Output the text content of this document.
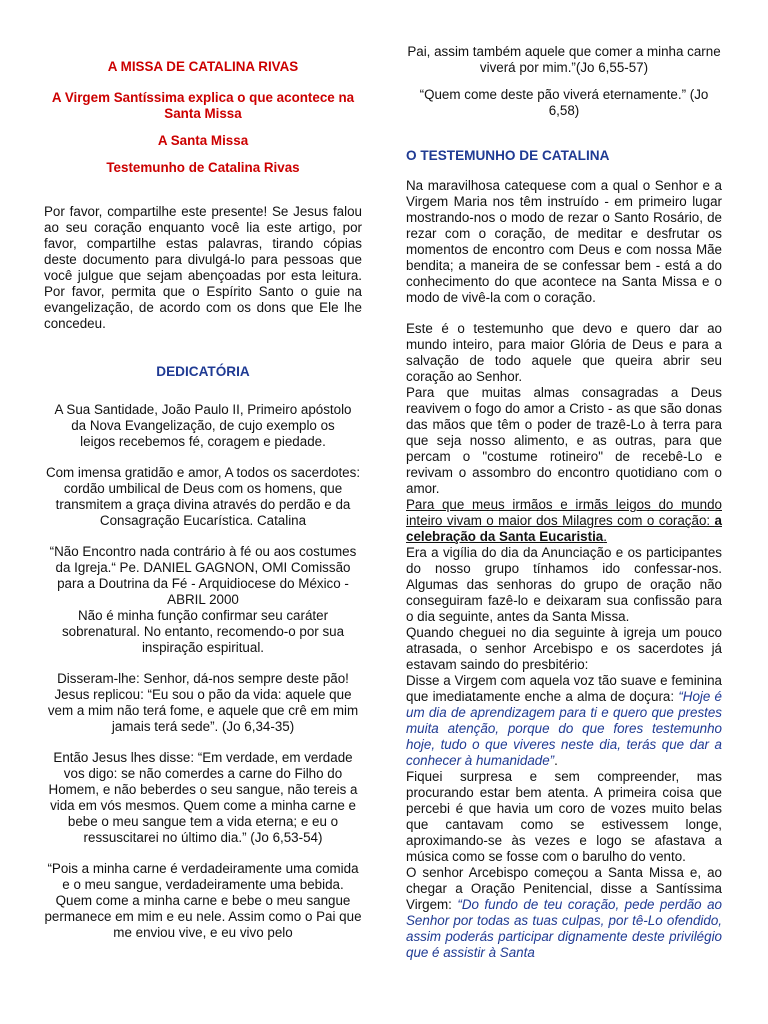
A MISSA DE CATALINA RIVAS

A Virgem Santíssima explica o que acontece na Santa Missa

A Santa Missa

Testemunho de Catalina Rivas

Por favor, compartilhe este presente! Se Jesus falou ao seu coração enquanto você lia este artigo, por favor, compartilhe estas palavras, tirando cópias deste documento para divulgá-lo para pessoas que você julgue que sejam abençoadas por esta leitura. Por favor, permita que o Espírito Santo o guie na evangelização, de acordo com os dons que Ele lhe concedeu.

DEDICATÓRIA

A Sua Santidade, João Paulo II, Primeiro apóstolo da Nova Evangelização, de cujo exemplo os leigos recebemos fé, coragem e piedade.

Com imensa gratidão e amor, A todos os sacerdotes: cordão umbilical de Deus com os homens, que transmitem a graça divina através do perdão e da Consagração Eucarística. Catalina

“Não Encontro nada contrário à fé ou aos costumes da Igreja.“ Pe. DANIEL GAGNON, OMI Comissão para a Doutrina da Fé - Arquidiocese do México - ABRIL 2000

Não é minha função confirmar seu caráter sobrenatural. No entanto, recomendo-o por sua inspiração espiritual.

Disseram-lhe: Senhor, dá-nos sempre deste pão! Jesus replicou: “Eu sou o pão da vida: aquele que vem a mim não terá fome, e aquele que crê em mim jamais terá sede”. (Jo 6,34-35)

Então Jesus lhes disse: “Em verdade, em verdade vos digo: se não comerdes a carne do Filho do Homem, e não beberdes o seu sangue, não tereis a vida em vós mesmos. Quem come a minha carne e bebe o meu sangue tem a vida eterna; e eu o ressuscitarei no último dia.” (Jo 6,53-54)

“Pois a minha carne é verdadeiramente uma comida e o meu sangue, verdadeiramente uma bebida. Quem come a minha carne e bebe o meu sangue permanece em mim e eu nele. Assim como o Pai que me enviou vive, e eu vivo pelo

Pai, assim também aquele que comer a minha carne viverá por mim.”(Jo 6,55-57)

“Quem come deste pão viverá eternamente.” (Jo 6,58)

O TESTEMUNHO DE CATALINA

Na maravilhosa catequese com a qual o Senhor e a Virgem Maria nos têm instruído - em primeiro lugar mostrando-nos o modo de rezar o Santo Rosário, de rezar com o coração, de meditar e desfrutar os momentos de encontro com Deus e com nossa Mãe bendita; a maneira de se confessar bem - está a do conhecimento do que acontece na Santa Missa e o modo de vivê-la com o coração.

Este é o testemunho que devo e quero dar ao mundo inteiro, para maior Glória de Deus e para a salvação de todo aquele que queira abrir seu coração ao Senhor.

Para que muitas almas consagradas a Deus reavivem o fogo do amor a Cristo - as que são donas das mãos que têm o poder de trazê-Lo à terra para que seja nosso alimento, e as outras, para que percam o "costume rotineiro" de recebê-Lo e revivam o assombro do encontro quotidiano com o amor.

Para que meus irmãos e irmãs leigos do mundo inteiro vivam o maior dos Milagres com o coração: a celebração da Santa Eucaristia.

Era a vigília do dia da Anunciação e os participantes do nosso grupo tínhamos ido confessar-nos. Algumas das senhoras do grupo de oração não conseguiram fazê-lo e deixaram sua confissão para o dia seguinte, antes da Santa Missa.

Quando cheguei no dia seguinte à igreja um pouco atrasada, o senhor Arcebispo e os sacerdotes já estavam saindo do presbitério:

Disse a Virgem com aquela voz tão suave e feminina que imediatamente enche a alma de doçura: “Hoje é um dia de aprendizagem para ti e quero que prestes muita atenção, porque do que fores testemunho hoje, tudo o que viveres neste dia, terás que dar a conhecer à humanidade”.

Fiquei surpresa e sem compreender, mas procurando estar bem atenta. A primeira coisa que percebi é que havia um coro de vozes muito belas que cantavam como se estivessem longe, aproximando-se às vezes e logo se afastava a música como se fosse com o barulho do vento.

O senhor Arcebispo começou a Santa Missa e, ao chegar a Oração Penitencial, disse a Santíssima Virgem: “Do fundo de teu coração, pede perdão ao Senhor por todas as tuas culpas, por tê-Lo ofendido, assim poderás participar dignamente deste privilégio que é assistir à Santa
